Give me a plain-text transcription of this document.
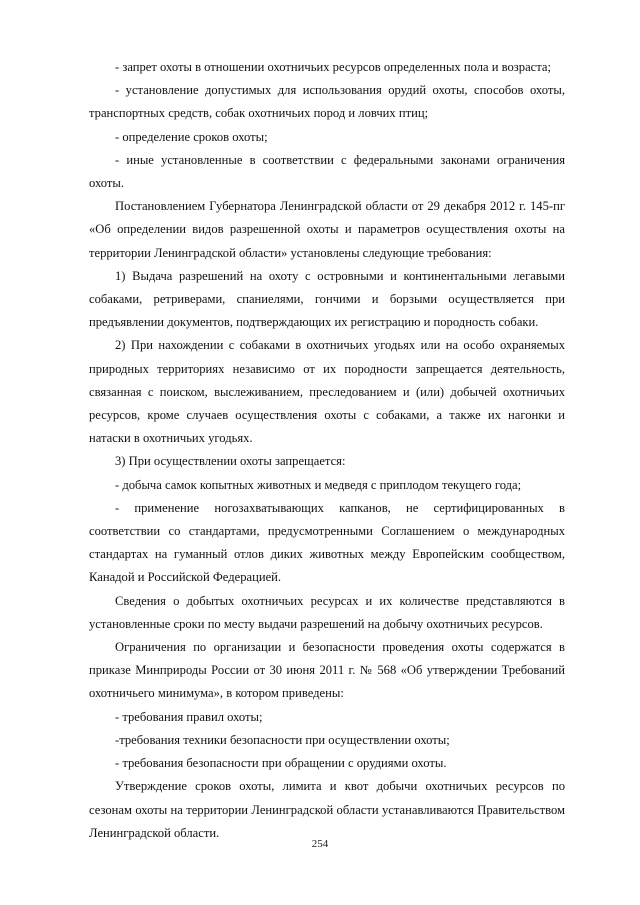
- запрет охоты в отношении охотничьих ресурсов определенных пола и возраста;

- установление допустимых для использования орудий охоты, способов охоты, транспортных средств, собак охотничьих пород и ловчих птиц;

- определение сроков охоты;

- иные установленные в соответствии с федеральными законами ограничения охоты.

Постановлением Губернатора Ленинградской области от 29 декабря 2012 г. 145-пг «Об определении видов разрешенной охоты и параметров осуществления охоты на территории Ленинградской области» установлены следующие требования:

1) Выдача разрешений на охоту с островными и континентальными легавыми собаками, ретриверами, спаниелями, гончими и борзыми осуществляется при предъявлении документов, подтверждающих их регистрацию и породность собаки.

2) При нахождении с собаками в охотничьих угодьях или на особо охраняемых природных территориях независимо от их породности запрещается деятельность, связанная с поиском, выслеживанием, преследованием и (или) добычей охотничьих ресурсов, кроме случаев осуществления охоты с собаками, а также их нагонки и натаски в охотничьих угодьях.

3) При осуществлении охоты запрещается:

- добыча самок копытных животных и медведя с приплодом текущего года;

- применение ногозахватывающих капканов, не сертифицированных в соответствии со стандартами, предусмотренными Соглашением о международных стандартах на гуманный отлов диких животных между Европейским сообществом, Канадой и Российской Федерацией.

Сведения о добытых охотничьих ресурсах и их количестве представляются в установленные сроки по месту выдачи разрешений на добычу охотничьих ресурсов.

Ограничения по организации и безопасности проведения охоты содержатся в приказе Минприроды России от 30 июня 2011 г. № 568 «Об утверждении Требований охотничьего минимума», в котором приведены:

- требования правил охоты;

-требования техники безопасности при осуществлении охоты;

- требования безопасности при обращении с орудиями охоты.

Утверждение сроков охоты, лимита и квот добычи охотничьих ресурсов по сезонам охоты на территории Ленинградской области устанавливаются Правительством Ленинградской области.

254
